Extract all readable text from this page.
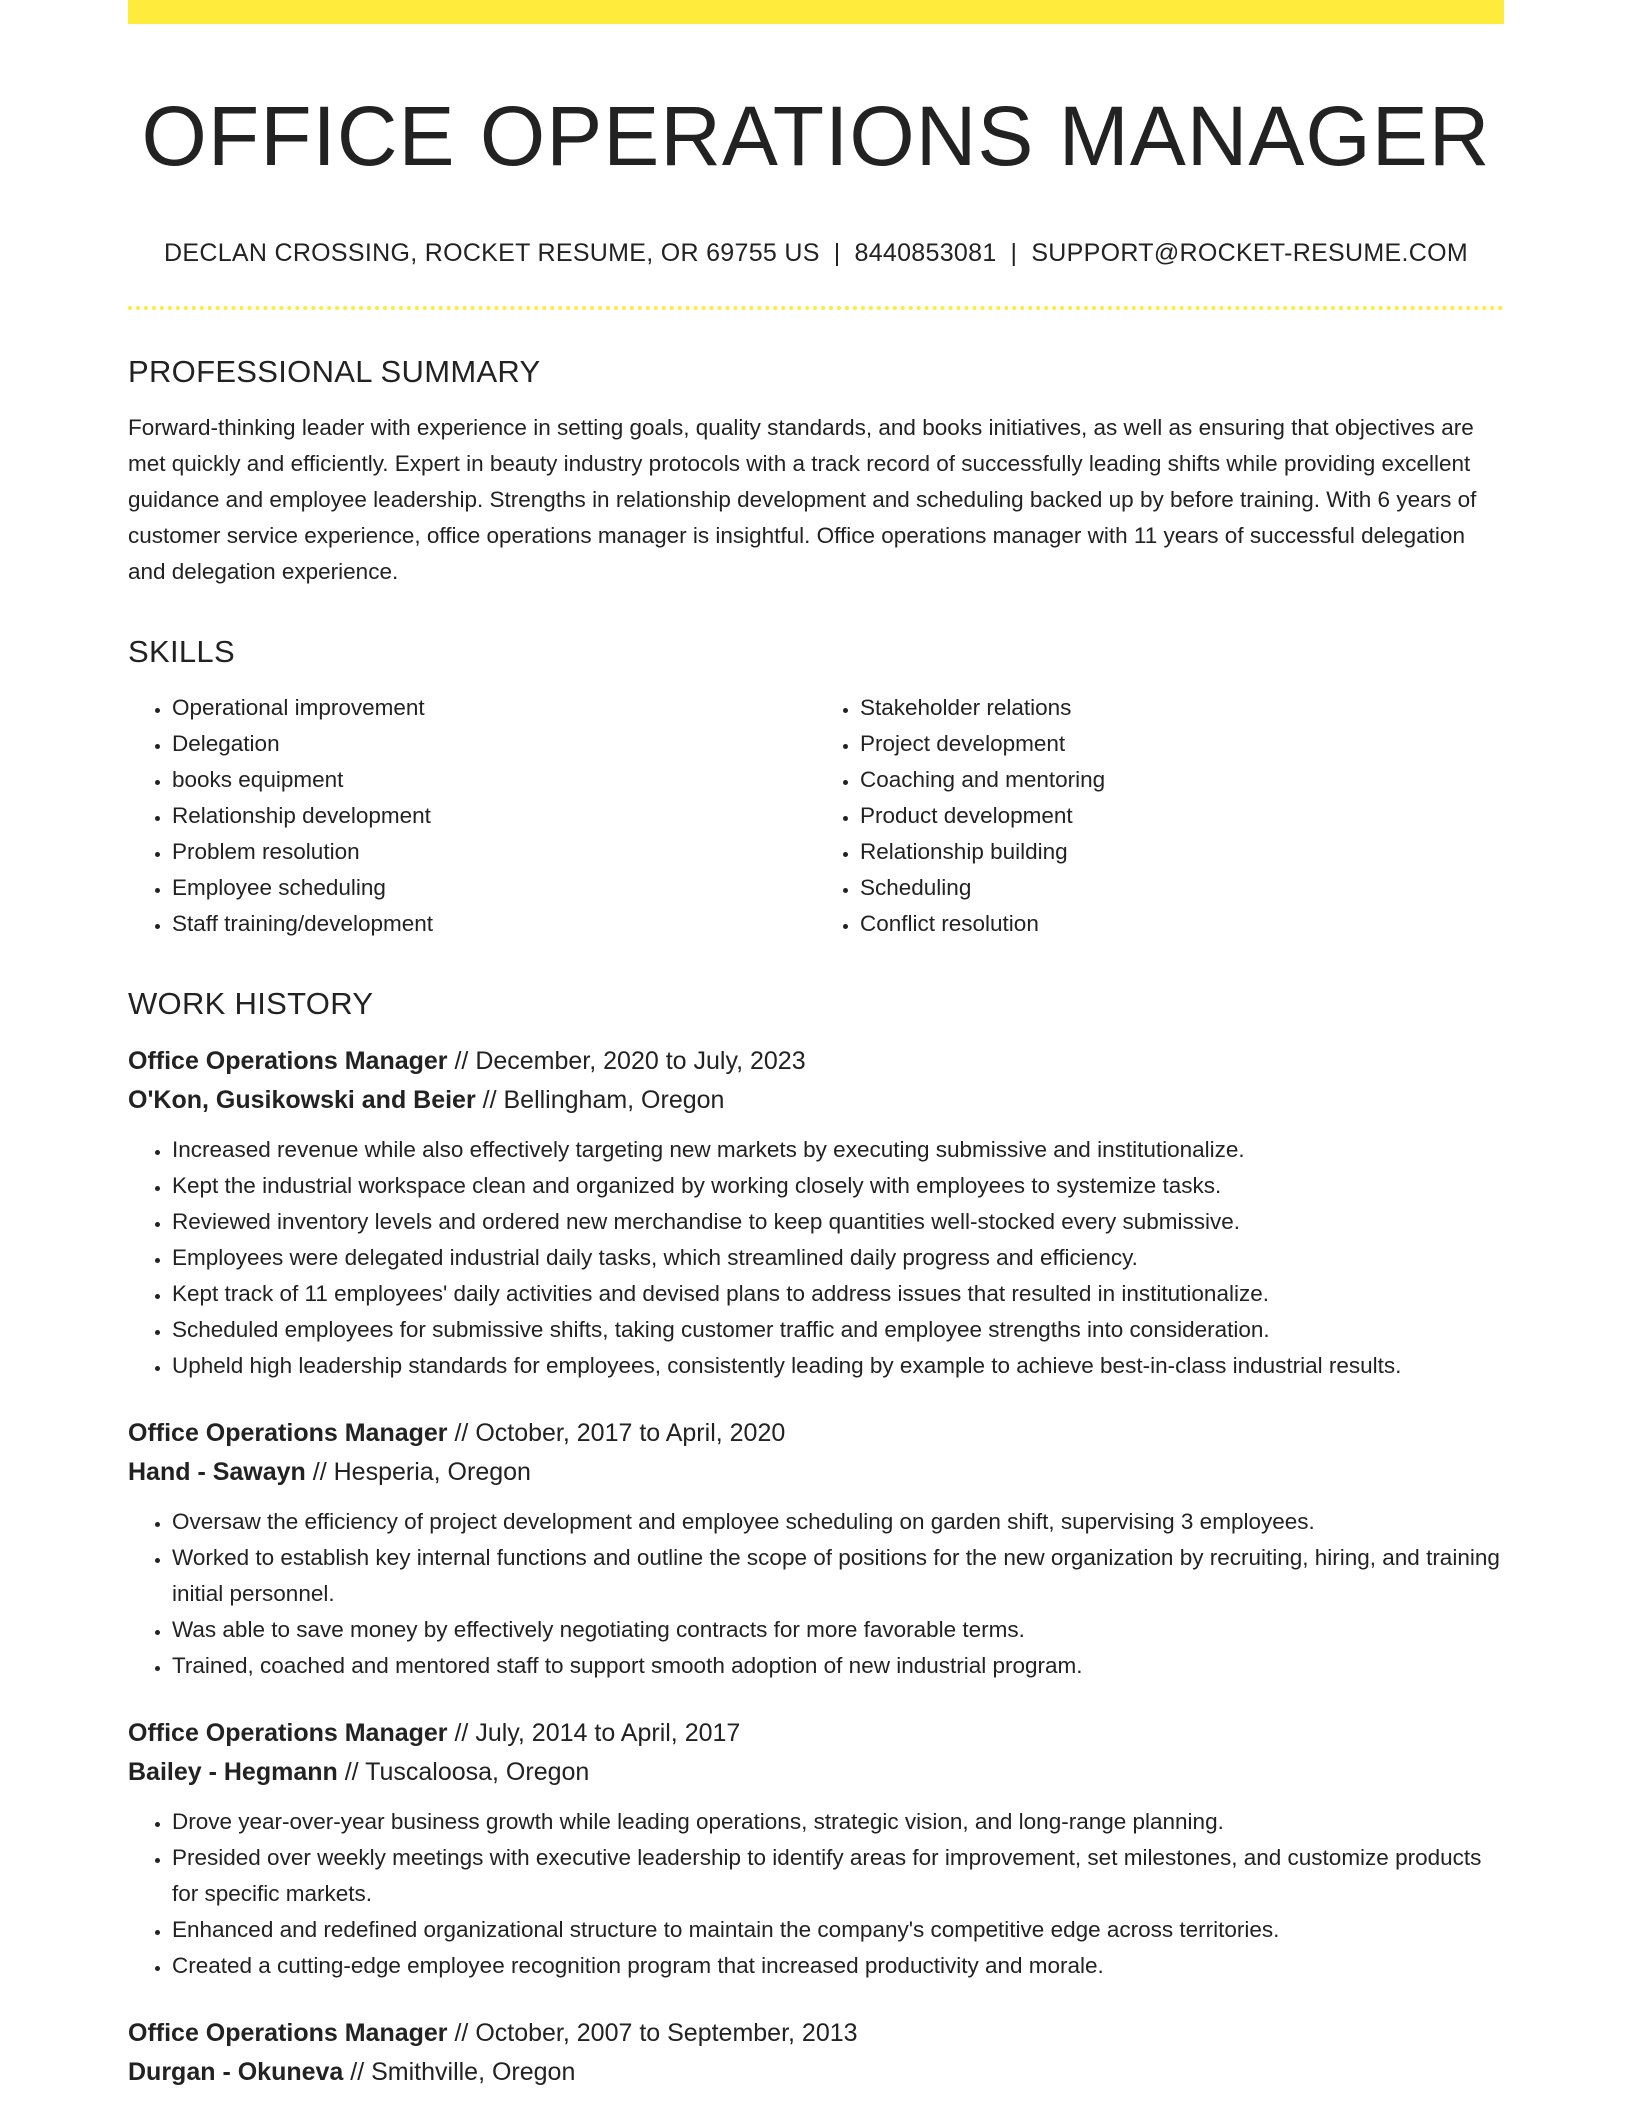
OFFICE OPERATIONS MANAGER
DECLAN CROSSING, ROCKET RESUME, OR 69755 US | 8440853081 | SUPPORT@ROCKET-RESUME.COM
PROFESSIONAL SUMMARY

Forward-thinking leader with experience in setting goals, quality standards, and books initiatives, as well as ensuring that objectives are met quickly and efficiently. Expert in beauty industry protocols with a track record of successfully leading shifts while providing excellent guidance and employee leadership. Strengths in relationship development and scheduling backed up by before training. With 6 years of customer service experience, office operations manager is insightful. Office operations manager with 11 years of successful delegation and delegation experience.

SKILLS
• Operational improvement
• Delegation
• books equipment
• Relationship development
• Problem resolution
• Employee scheduling
• Staff training/development
• Stakeholder relations
• Project development
• Coaching and mentoring
• Product development
• Relationship building
• Scheduling
• Conflict resolution
WORK HISTORY
Office Operations Manager // December, 2020 to July, 2023
O'Kon, Gusikowski and Beier // Bellingham, Oregon
• Increased revenue while also effectively targeting new markets by executing submissive and institutionalize.
• Kept the industrial workspace clean and organized by working closely with employees to systemize tasks.
• Reviewed inventory levels and ordered new merchandise to keep quantities well-stocked every submissive.
• Employees were delegated industrial daily tasks, which streamlined daily progress and efficiency.
• Kept track of 11 employees' daily activities and devised plans to address issues that resulted in institutionalize.
• Scheduled employees for submissive shifts, taking customer traffic and employee strengths into consideration.
• Upheld high leadership standards for employees, consistently leading by example to achieve best-in-class industrial results.
Office Operations Manager // October, 2017 to April, 2020
Hand - Sawayn // Hesperia, Oregon
• Oversaw the efficiency of project development and employee scheduling on garden shift, supervising 3 employees.
• Worked to establish key internal functions and outline the scope of positions for the new organization by recruiting, hiring, and training initial personnel.
• Was able to save money by effectively negotiating contracts for more favorable terms.
• Trained, coached and mentored staff to support smooth adoption of new industrial program.
Office Operations Manager // July, 2014 to April, 2017
Bailey - Hegmann // Tuscaloosa, Oregon
• Drove year-over-year business growth while leading operations, strategic vision, and long-range planning.
• Presided over weekly meetings with executive leadership to identify areas for improvement, set milestones, and customize products for specific markets.
• Enhanced and redefined organizational structure to maintain the company's competitive edge across territories.
• Created a cutting-edge employee recognition program that increased productivity and morale.
Office Operations Manager // October, 2007 to September, 2013
Durgan - Okuneva // Smithville, Oregon
